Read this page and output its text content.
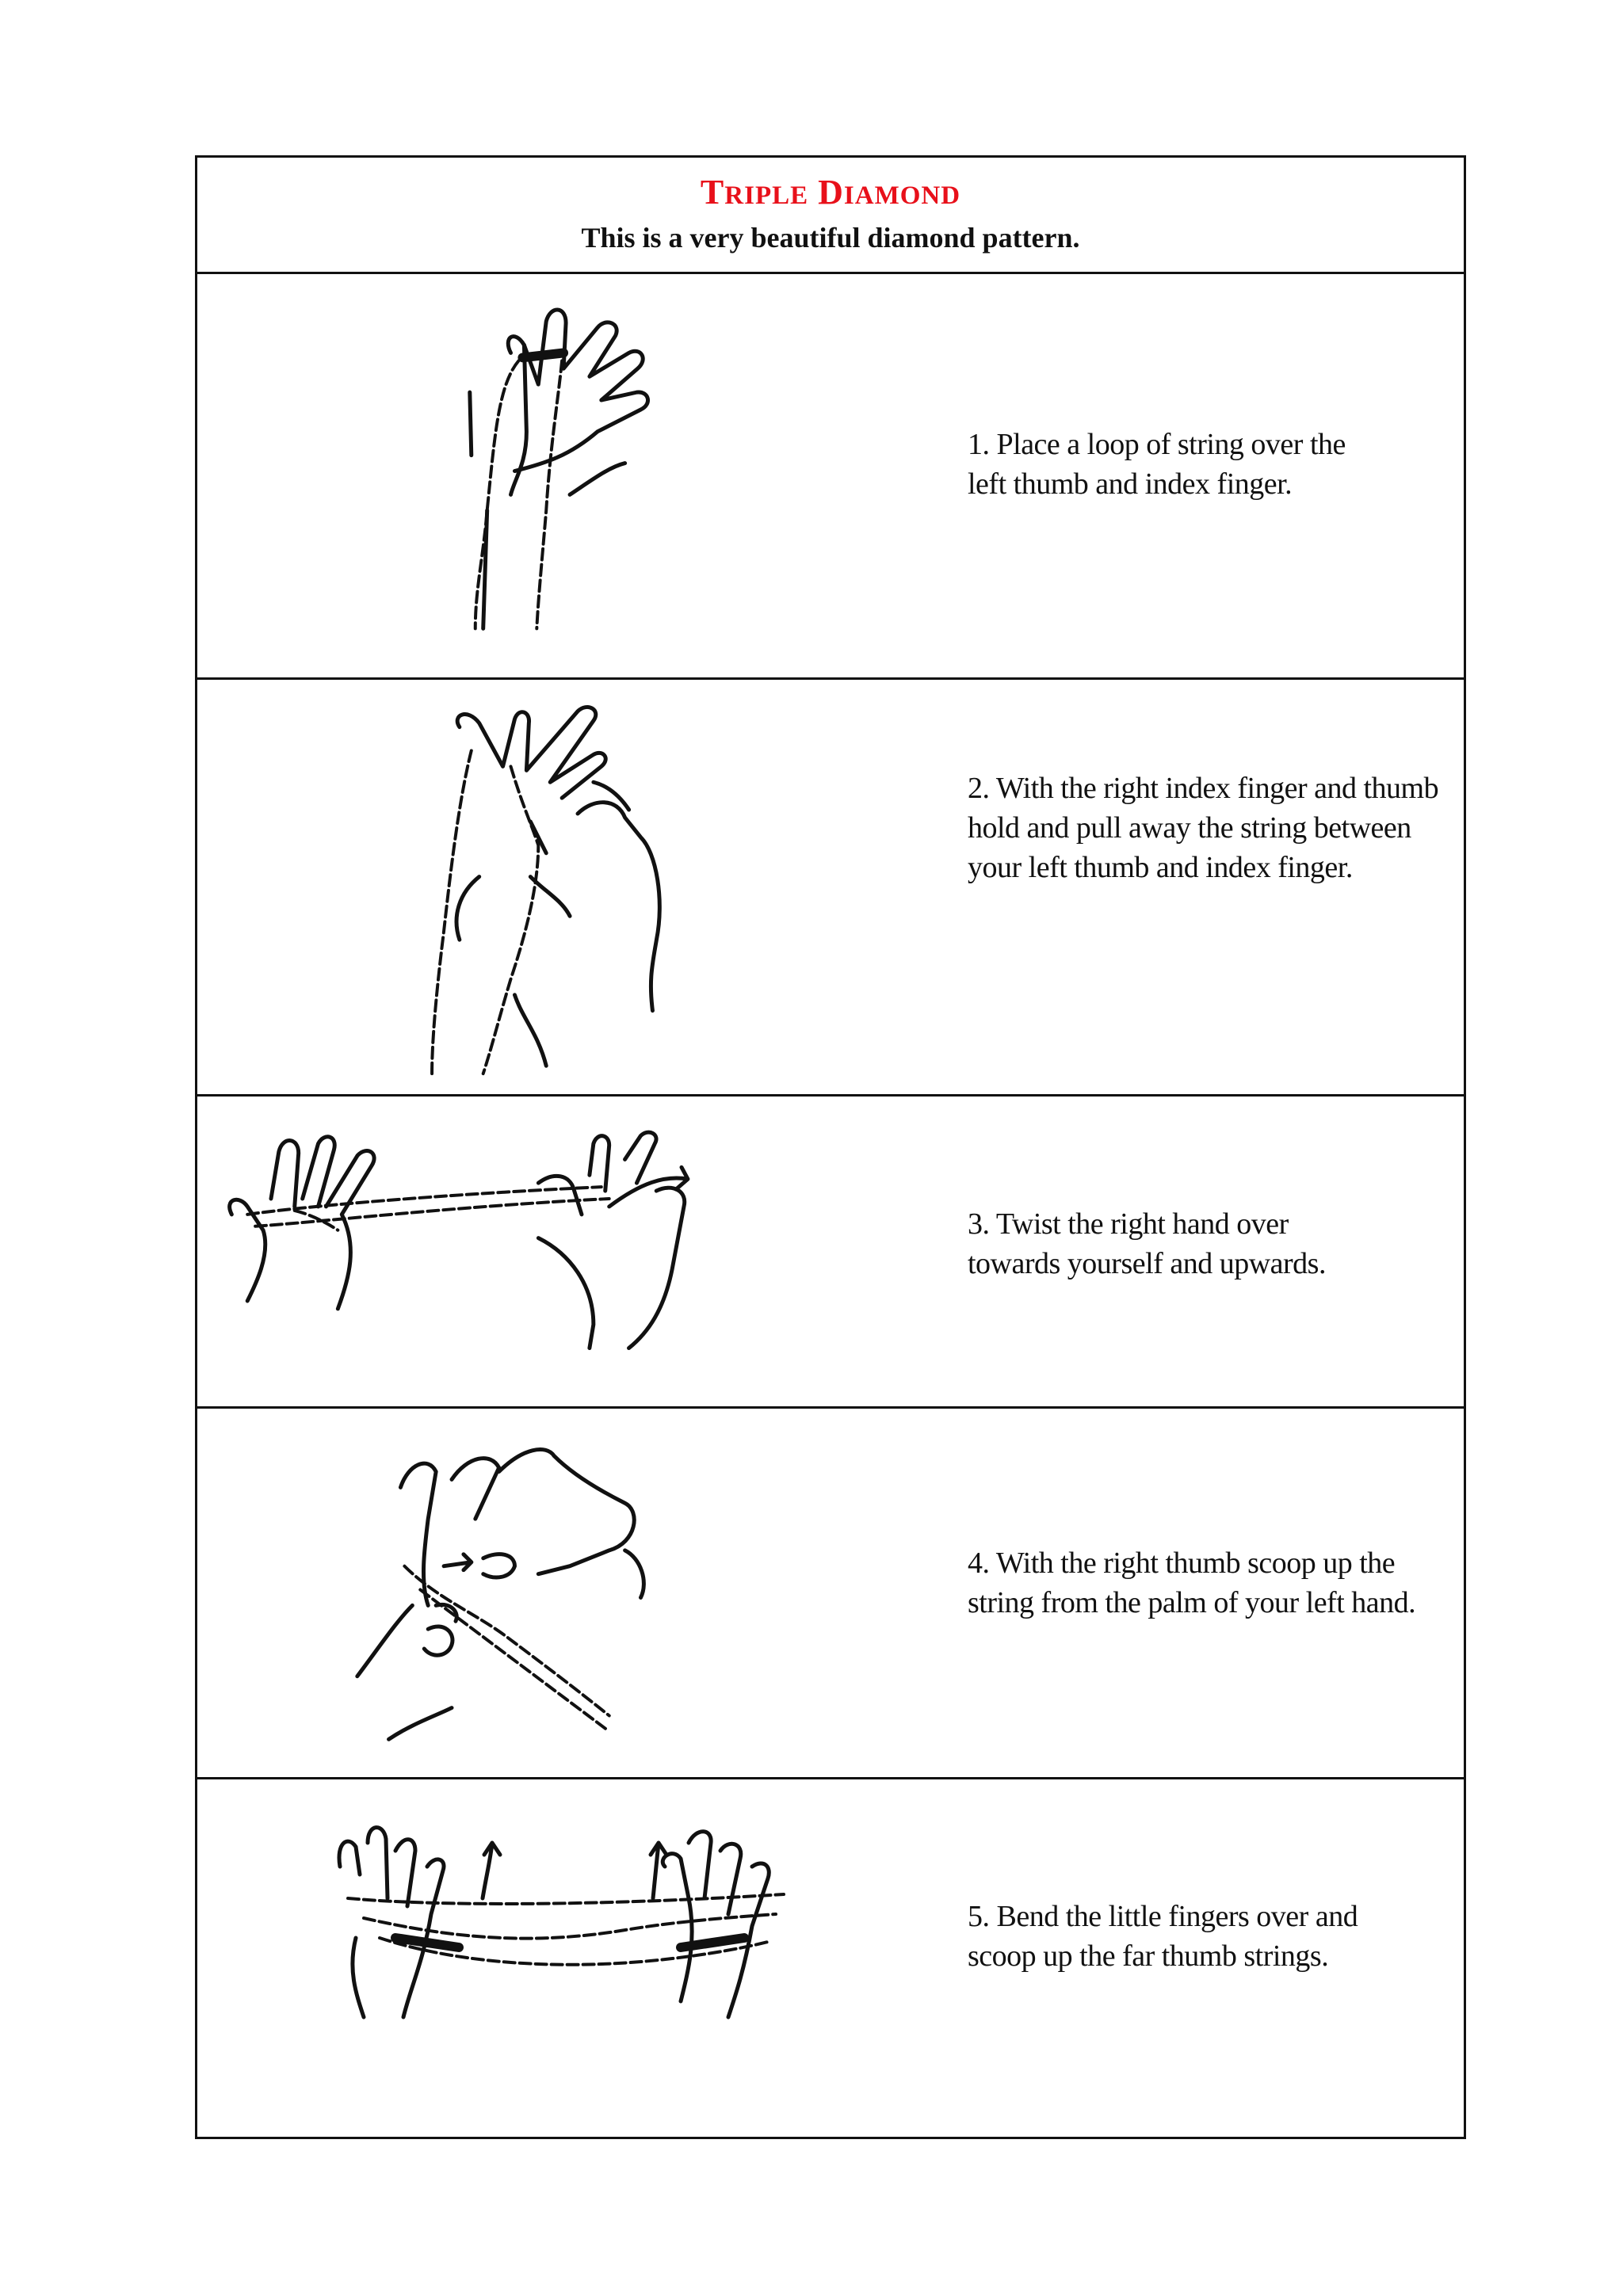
TRIPLE DIAMOND
This is a very beautiful diamond pattern.
1. Place a loop of string over the
left thumb and index finger.
2. With the right index finger and thumb
hold and pull away the string between
your left thumb and index finger.
3. Twist the right hand over
towards yourself and upwards.
4. With the right thumb scoop up the
string from the palm of your left hand.
5. Bend the little fingers over and
scoop up the far thumb strings.
